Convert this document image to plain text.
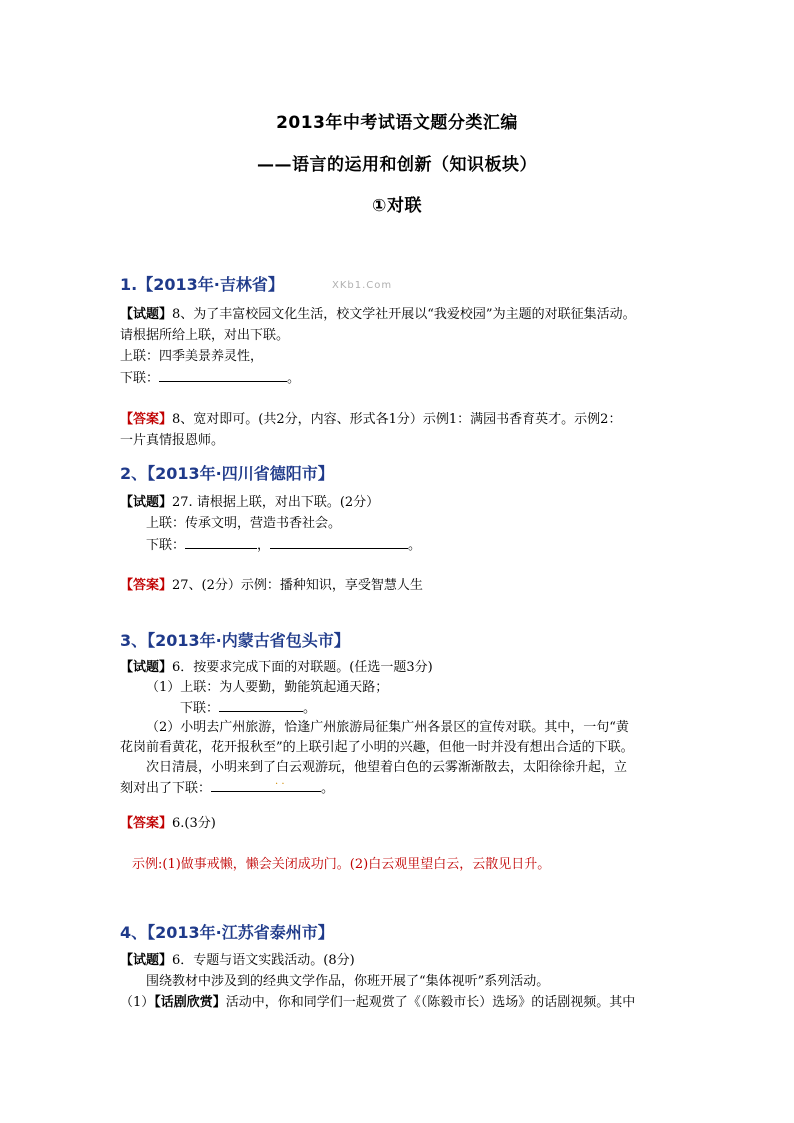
2013年中考试语文题分类汇编
——语言的运用和创新（知识板块）
①对联
1.【2013年·吉林省】	XKb1.Com
【试题】8、为了丰富校园文化生活，校文学社开展以“我爱校园”为主题的对联征集活动。
请根据所给上联，对出下联。
上联：四季美景养灵性，
下联：	。
【答案】8、宽对即可。(共2分，内容、形式各1分）示例1：满园书香育英才。示例2：
一片真情报恩师。
2、【2013年·四川省德阳市】
【试题】27. 请根据上联，对出下联。(2分）
上联：传承文明，营造书香社会。
下联：	，	。
【答案】27、(2分）示例：播种知识，享受智慧人生
3、【2013年·内蒙古省包头市】
【试题】6．按要求完成下面的对联题。(任选一题3分)
（1）上联：为人要勤，勤能筑起通天路；
下联：	。
（2）小明去广州旅游，恰逢广州旅游局征集广州各景区的宣传对联。其中，一句“黄
花岗前看黄花，花开报秋至”的上联引起了小明的兴趣，但他一时并没有想出合适的下联。
次日清晨，小明来到了白云观游玩，他望着白色的云雾渐渐散去，太阳徐徐升起，立
刻对出了下联：	. .	。
【答案】6.(3分)
示例:(1)做事戒懒，懒会关闭成功门。(2)白云观里望白云，云散见日升。
4、【2013年·江苏省泰州市】
【试题】6．专题与语文实践活动。(8分)
围绕教材中涉及到的经典文学作品，你班开展了“集体视听”系列活动。
（1）【话剧欣赏】活动中，你和同学们一起观赏了《（陈毅市长）选场》的话剧视频。其中
